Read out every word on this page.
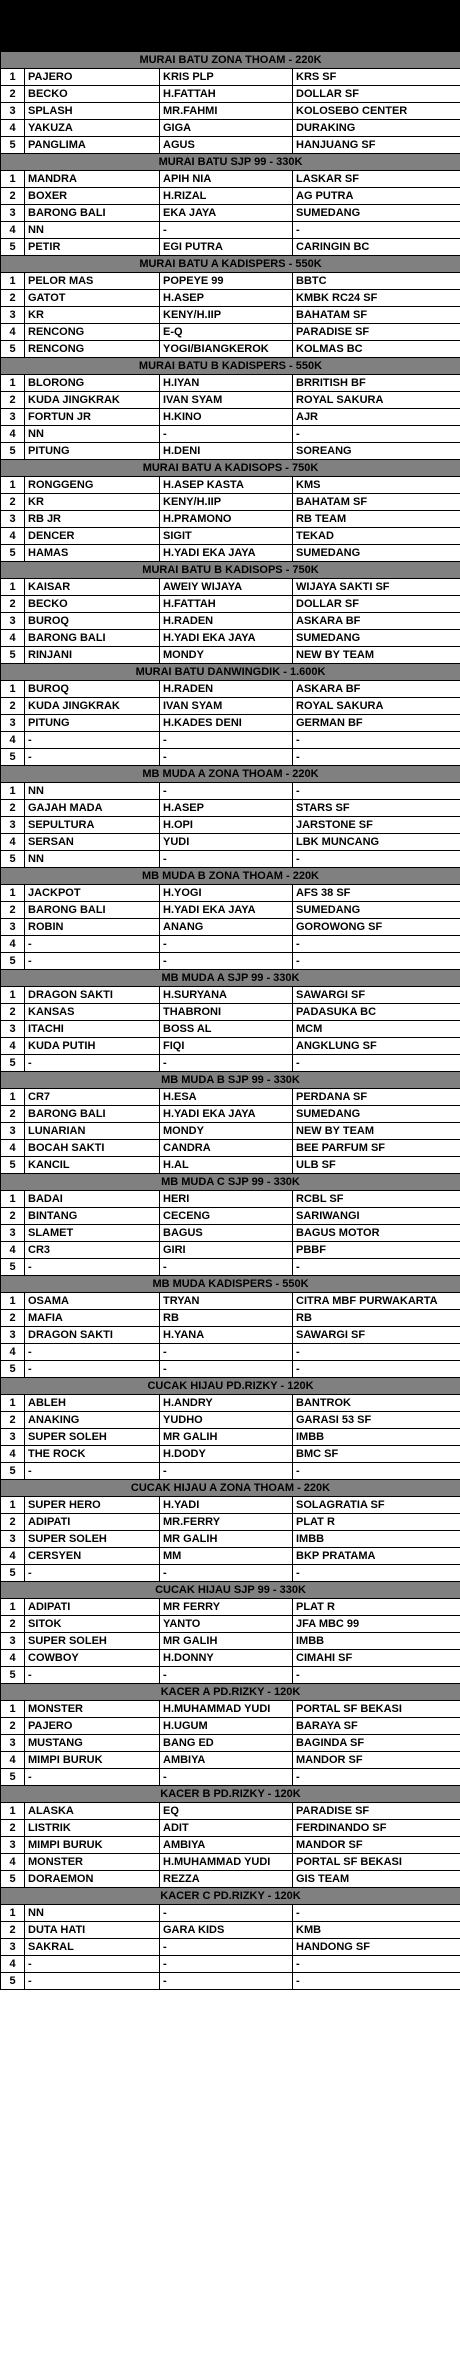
DATA JUARA HARI ULANG TAHUN WINGDIK 800 PASGAT			
LANUD SULAIMAN BANDUNG			
MINGGU, 08 - JUNI - 2025			
MURAI BATU ZONA THOAM - 220K			
1	PAJERO	KRIS PLP	KRS SF
2	BECKO	H.FATTAH	DOLLAR SF
3	SPLASH	MR.FAHMI	KOLOSEBO CENTER
4	YAKUZA	GIGA	DURAKING
5	PANGLIMA	AGUS	HANJUANG SF
MURAI BATU SJP 99 - 330K			
1	MANDRA	APIH NIA	LASKAR SF
2	BOXER	H.RIZAL	AG PUTRA
3	BARONG BALI	EKA JAYA	SUMEDANG
4	NN	-	-
5	PETIR	EGI PUTRA	CARINGIN BC
MURAI BATU A KADISPERS - 550K			
1	PELOR MAS	POPEYE 99	BBTC
2	GATOT	H.ASEP	KMBK RC24 SF
3	KR	KENY/H.IIP	BAHATAM SF
4	RENCONG	E-Q	PARADISE SF
5	RENCONG	YOGI/BIANGKEROK	KOLMAS BC
MURAI BATU B KADISPERS - 550K			
1	BLORONG	H.IYAN	BRRITISH BF
2	KUDA JINGKRAK	IVAN SYAM	ROYAL SAKURA
3	FORTUN JR	H.KINO	AJR
4	NN	-	-
5	PITUNG	H.DENI	SOREANG
MURAI BATU A KADISOPS - 750K			
1	RONGGENG	H.ASEP KASTA	KMS
2	KR	KENY/H.IIP	BAHATAM SF
3	RB JR	H.PRAMONO	RB TEAM
4	DENCER	SIGIT	TEKAD
5	HAMAS	H.YADI EKA JAYA	SUMEDANG
MURAI BATU B KADISOPS - 750K			
1	KAISAR	AWEIY WIJAYA	WIJAYA SAKTI SF
2	BECKO	H.FATTAH	DOLLAR SF
3	BUROQ	H.RADEN	ASKARA BF
4	BARONG BALI	H.YADI EKA JAYA	SUMEDANG
5	RINJANI	MONDY	NEW BY TEAM
MURAI BATU DANWINGDIK - 1.600K			
1	BUROQ	H.RADEN	ASKARA BF
2	KUDA JINGKRAK	IVAN SYAM	ROYAL SAKURA
3	PITUNG	H.KADES DENI	GERMAN BF
4	-	-	-
5	-	-	-
MB MUDA A ZONA THOAM - 220K			
1	NN	-	-
2	GAJAH MADA	H.ASEP	STARS SF
3	SEPULTURA	H.OPI	JARSTONE SF
4	SERSAN	YUDI	LBK MUNCANG
5	NN	-	-
MB MUDA B ZONA THOAM - 220K			
1	JACKPOT	H.YOGI	AFS 38 SF
2	BARONG BALI	H.YADI EKA JAYA	SUMEDANG
3	ROBIN	ANANG	GOROWONG SF
4	-	-	-
5	-	-	-
MB MUDA A SJP 99 - 330K			
1	DRAGON SAKTI	H.SURYANA	SAWARGI SF
2	KANSAS	THABRONI	PADASUKA BC
3	ITACHI	BOSS AL	MCM
4	KUDA PUTIH	FIQI	ANGKLUNG SF
5	-	-	-
MB MUDA B SJP 99 - 330K			
1	CR7	H.ESA	PERDANA SF
2	BARONG BALI	H.YADI EKA JAYA	SUMEDANG
3	LUNARIAN	MONDY	NEW BY TEAM
4	BOCAH SAKTI	CANDRA	BEE PARFUM SF
5	KANCIL	H.AL	ULB SF
MB MUDA C SJP 99 - 330K			
1	BADAI	HERI	RCBL SF
2	BINTANG	CECENG	SARIWANGI
3	SLAMET	BAGUS	BAGUS MOTOR
4	CR3	GIRI	PBBF
5	-	-	-
MB MUDA KADISPERS - 550K			
1	OSAMA	TRYAN	CITRA MBF PURWAKARTA
2	MAFIA	RB	RB
3	DRAGON SAKTI	H.YANA	SAWARGI SF
4	-	-	-
5	-	-	-
CUCAK HIJAU PD.RIZKY - 120K			
1	ABLEH	H.ANDRY	BANTROK
2	ANAKING	YUDHO	GARASI 53 SF
3	SUPER SOLEH	MR GALIH	IMBB
4	THE ROCK	H.DODY	BMC SF
5	-	-	-
CUCAK HIJAU A ZONA THOAM - 220K			
1	SUPER HERO	H.YADI	SOLAGRATIA SF
2	ADIPATI	MR.FERRY	PLAT R
3	SUPER SOLEH	MR GALIH	IMBB
4	CERSYEN	MM	BKP PRATAMA
5	-	-	-
CUCAK HIJAU SJP 99 - 330K			
1	ADIPATI	MR FERRY	PLAT R
2	SITOK	YANTO	JFA MBC 99
3	SUPER SOLEH	MR GALIH	IMBB
4	COWBOY	H.DONNY	CIMAHI SF
5	-	-	-
KACER A PD.RIZKY - 120K			
1	MONSTER	H.MUHAMMAD YUDI	PORTAL SF BEKASI
2	PAJERO	H.UGUM	BARAYA SF
3	MUSTANG	BANG ED	BAGINDA SF
4	MIMPI BURUK	AMBIYA	MANDOR SF
5	-	-	-
KACER B PD.RIZKY - 120K			
1	ALASKA	EQ	PARADISE SF
2	LISTRIK	ADIT	FERDINANDO SF
3	MIMPI BURUK	AMBIYA	MANDOR SF
4	MONSTER	H.MUHAMMAD YUDI	PORTAL SF BEKASI
5	DORAEMON	REZZA	GIS TEAM
KACER C PD.RIZKY - 120K			
1	NN	-	-
2	DUTA HATI	GARA KIDS	KMB
3	SAKRAL	-	HANDONG SF
4	-	-	-
5	-	-	-
